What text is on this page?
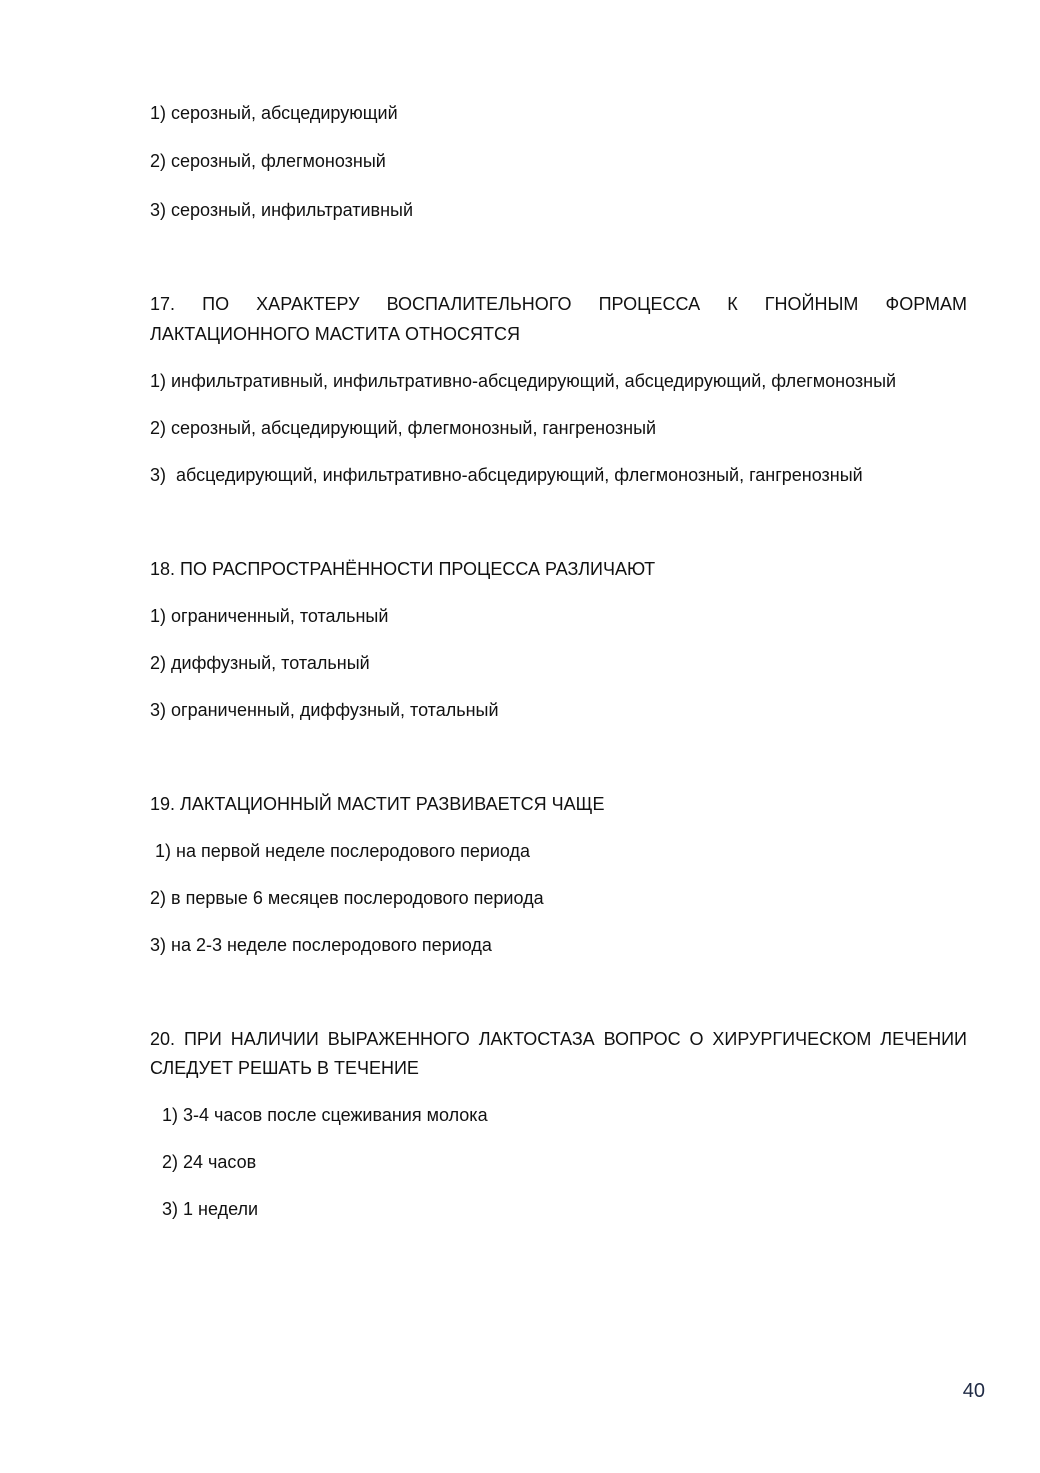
1) серозный, абсцедирующий
2) серозный, флегмонозный
3) серозный, инфильтративный
17. ПО ХАРАКТЕРУ ВОСПАЛИТЕЛЬНОГО ПРОЦЕССА К ГНОЙНЫМ ФОРМАМ
ЛАКТАЦИОННОГО МАСТИТА ОТНОСЯТСЯ
1) инфильтративный, инфильтративно-абсцедирующий, абсцедирующий, флегмонозный
2) серозный, абсцедирующий, флегмонозный, гангренозный
3)  абсцедирующий, инфильтративно-абсцедирующий, флегмонозный, гангренозный
18. ПО РАСПРОСТРАНЁННОСТИ ПРОЦЕССА РАЗЛИЧАЮТ
1) ограниченный, тотальный
2) диффузный, тотальный
3) ограниченный, диффузный, тотальный
19. ЛАКТАЦИОННЫЙ МАСТИТ РАЗВИВАЕТСЯ ЧАЩЕ
1) на первой неделе послеродового периода
2) в первые 6 месяцев послеродового периода
3) на 2-3 неделе послеродового периода
20. ПРИ НАЛИЧИИ ВЫРАЖЕННОГО ЛАКТОСТАЗА ВОПРОС О ХИРУРГИЧЕСКОМ ЛЕЧЕНИИ
СЛЕДУЕТ РЕШАТЬ В ТЕЧЕНИЕ
1) 3-4 часов после сцеживания молока
2) 24 часов
3) 1 недели
40
